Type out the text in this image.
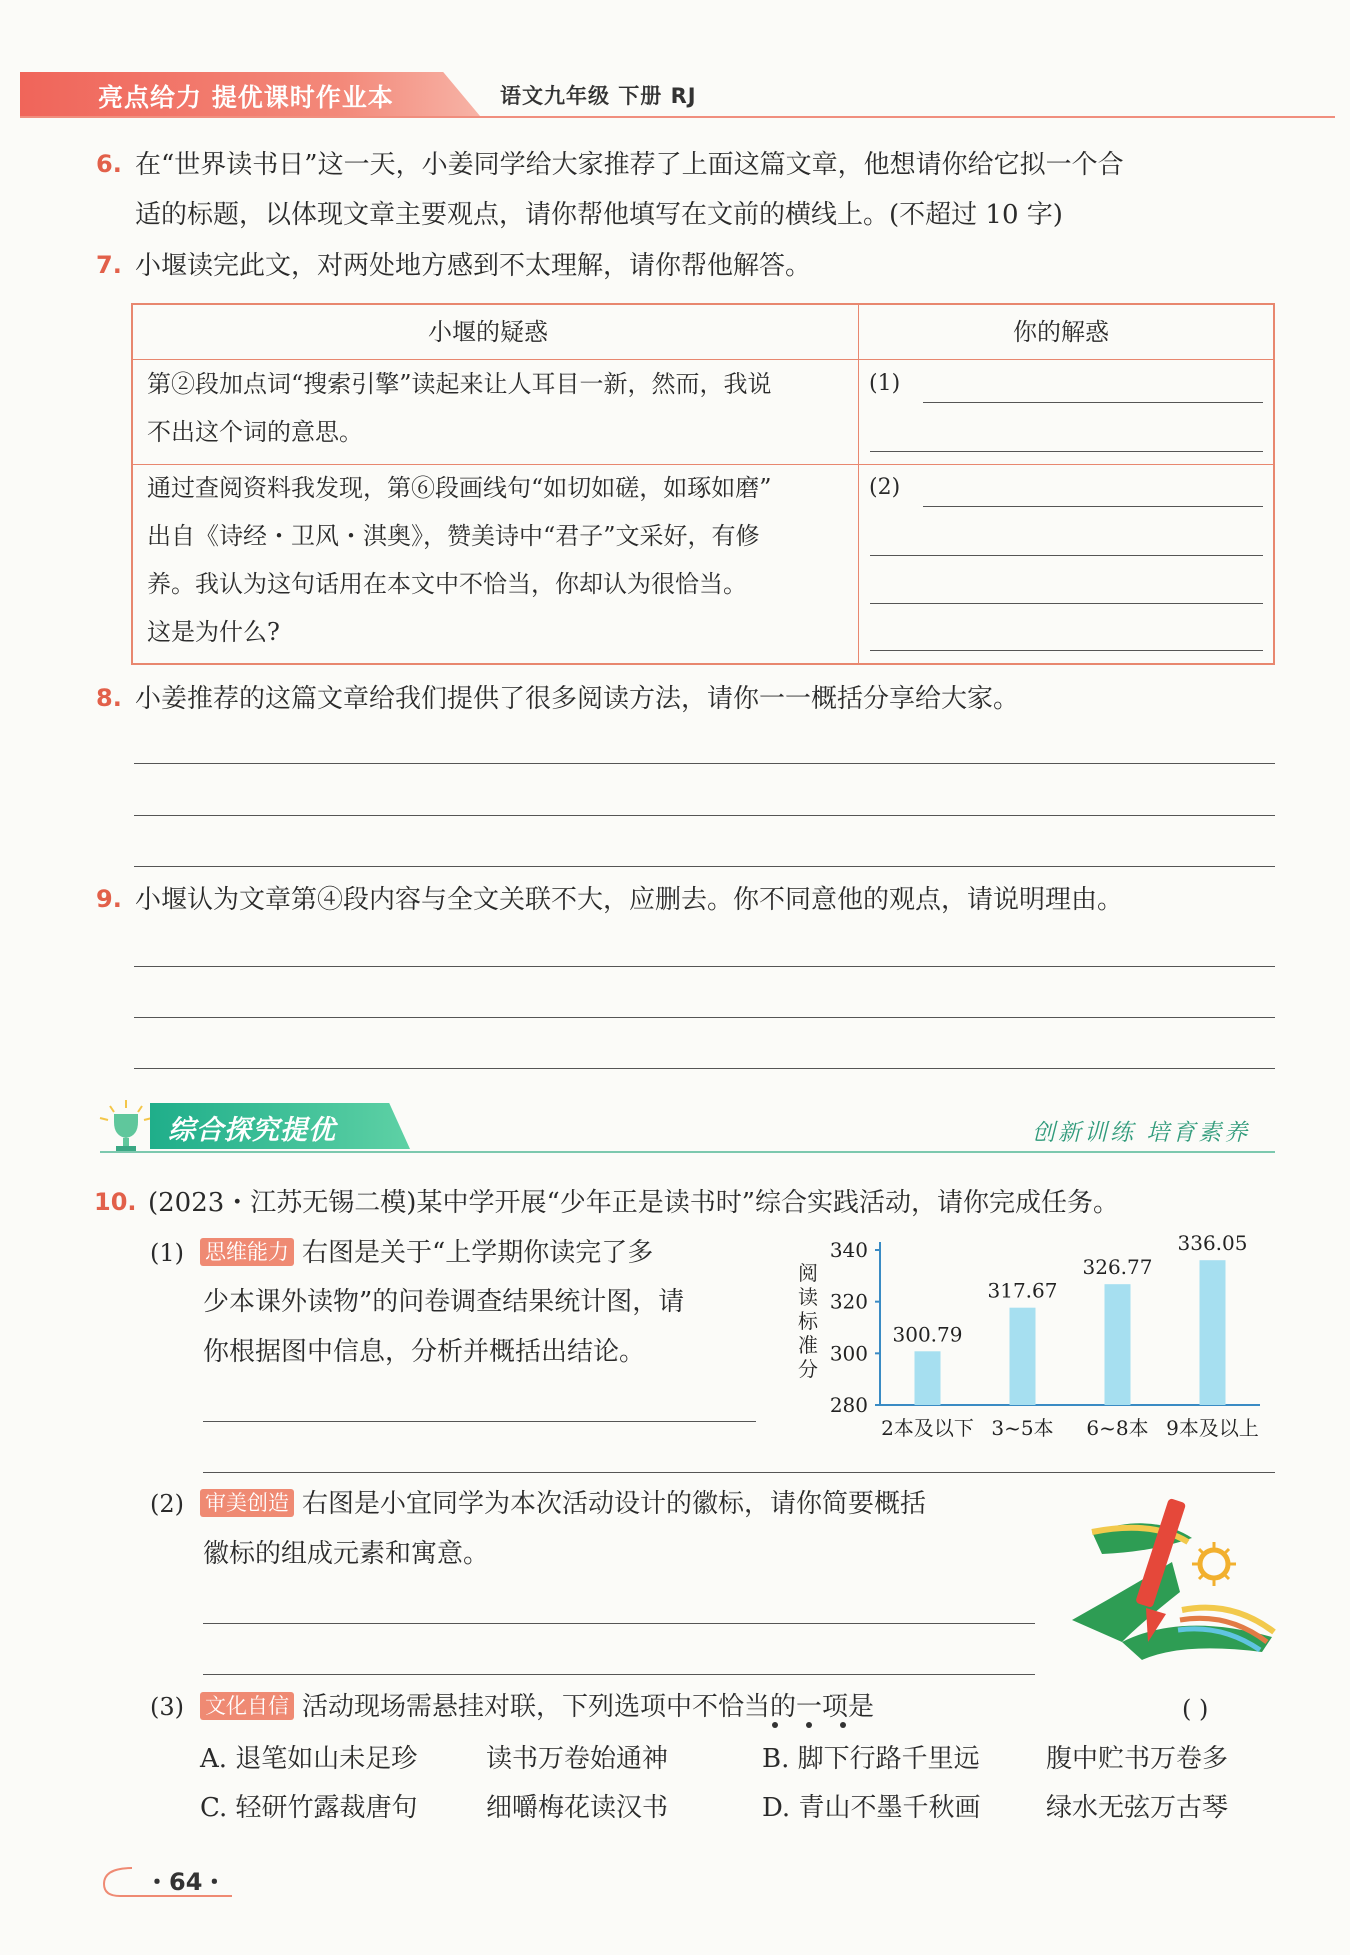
亮点给力 提优课时作业本	语文九年级 下册 RJ
6. 在“世界读书日”这一天，小姜同学给大家推荐了上面这篇文章，他想请你给它拟一个合
适的标题，以体现文章主要观点，请你帮他填写在文前的横线上。(不超过 10 字)
7. 小堰读完此文，对两处地方感到不太理解，请你帮他解答。
小堰的疑惑	你的解惑
第②段加点词“搜索引擎”读起来让人耳目一新，然而，我说
不出这个词的意思。
(1)
通过查阅资料我发现，第⑥段画线句“如切如磋，如琢如磨”
出自《诗经・卫风・淇奥》，赞美诗中“君子”文采好，有修
养。我认为这句话用在本文中不恰当，你却认为很恰当。
这是为什么?
(2)
8. 小姜推荐的这篇文章给我们提供了很多阅读方法，请你一一概括分享给大家。
9. 小堰认为文章第④段内容与全文关联不大，应删去。你不同意他的观点，请说明理由。
综合探究提优	创新训练 培育素养
10. (2023・江苏无锡二模)某中学开展“少年正是读书时”综合实践活动，请你完成任务。
(1) 思维能力 右图是关于“上学期你读完了多
少本课外读物”的问卷调查结果统计图，请
你根据图中信息，分析并概括出结论。
阅
读
标
准
分
280
300
320
340
300.79
317.67
326.77
336.05
2本及以下 3~5本 6~8本 9本及以上
(2) 审美创造 右图是小宜同学为本次活动设计的徽标，请你简要概括
徽标的组成元素和寓意。
(3) 文化自信 活动现场需悬挂对联，下列选项中不恰当的一项是	( )
A. 退笔如山未足珍	读书万卷始通神	B. 脚下行路千里远	腹中贮书万卷多
C. 轻研竹露裁唐句	细嚼梅花读汉书	D. 青山不墨千秋画	绿水无弦万古琴
・64・
